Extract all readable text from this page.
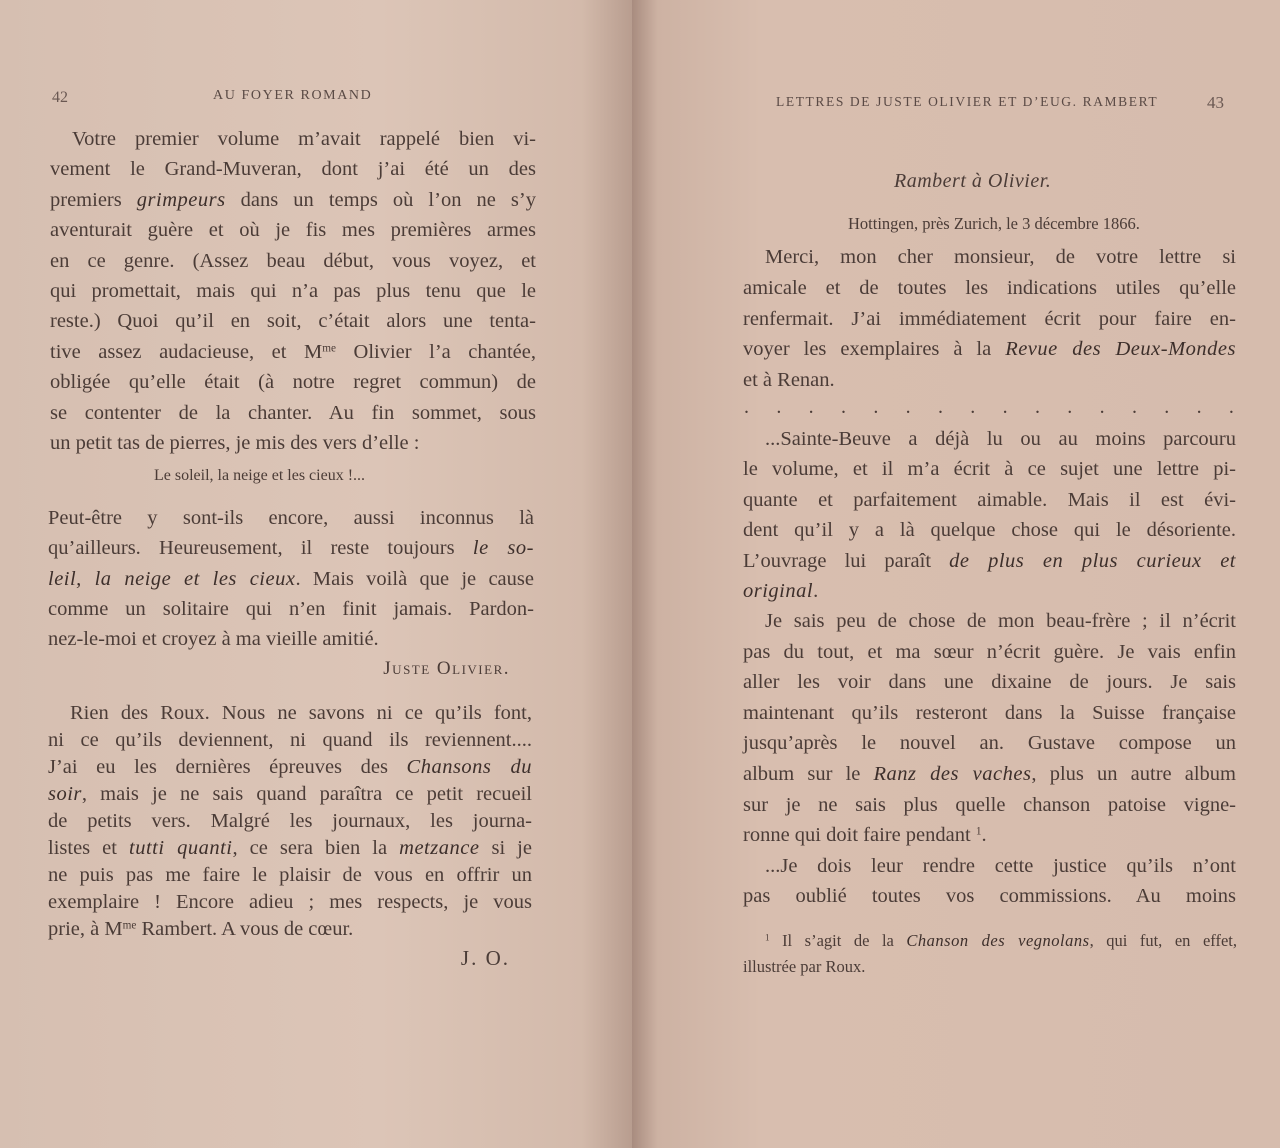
42	AU FOYER ROMAND
Votre premier volume m’avait rappelé bien vi-
vement le Grand-Muveran, dont j’ai été un des
premiers grimpeurs dans un temps où l’on ne s’y
aventurait guère et où je fis mes premières armes
en ce genre. (Assez beau début, vous voyez, et
qui promettait, mais qui n’a pas plus tenu que le
reste.) Quoi qu’il en soit, c’était alors une tenta-
tive assez audacieuse, et $M^{me}$ Olivier l’a chantée,
obligée qu’elle était (à notre regret commun) de
se contenter de la chanter. Au fin sommet, sous
un petit tas de pierres, je mis des vers d’elle :
Le soleil, la neige et les cieux !...
Peut-être y sont-ils encore, aussi inconnus là
qu’ailleurs. Heureusement, il reste toujours le so-
leil, la neige et les cieux. Mais voilà que je cause
comme un solitaire qui n’en finit jamais. Pardon-
nez-le-moi et croyez à ma vieille amitié.
Juste Olivier.
Rien des Roux. Nous ne savons ni ce qu’ils font,
ni ce qu’ils deviennent, ni quand ils reviennent....
J’ai eu les dernières épreuves des Chansons du
soir, mais je ne sais quand paraîtra ce petit recueil
de petits vers. Malgré les journaux, les journa-
listes et tutti quanti, ce sera bien la metzance si je
ne puis pas me faire le plaisir de vous en offrir un
exemplaire ! Encore adieu ; mes respects, je vous
prie, à $M^{me}$ Rambert. A vous de cœur.
J. O.
LETTRES DE JUSTE OLIVIER ET D’EUG. RAMBERT	43
Rambert à Olivier.
Hottingen, près Zurich, le 3 décembre 1866.
Merci, mon cher monsieur, de votre lettre si
amicale et de toutes les indications utiles qu’elle
renfermait. J’ai immédiatement écrit pour faire en-
voyer les exemplaires à la Revue des Deux-Mondes
et à Renan.
. . . . . . . . . . . . . . . .
...Sainte-Beuve a déjà lu ou au moins parcouru
le volume, et il m’a écrit à ce sujet une lettre pi-
quante et parfaitement aimable. Mais il est évi-
dent qu’il y a là quelque chose qui le désoriente.
L’ouvrage lui paraît de plus en plus curieux et
original.
Je sais peu de chose de mon beau-frère ; il n’écrit
pas du tout, et ma sœur n’écrit guère. Je vais enfin
aller les voir dans une dixaine de jours. Je sais
maintenant qu’ils resteront dans la Suisse française
jusqu’après le nouvel an. Gustave compose un
album sur le Ranz des vaches, plus un autre album
sur je ne sais plus quelle chanson patoise vigne-
ronne qui doit faire pendant $^1$.
...Je dois leur rendre cette justice qu’ils n’ont
pas oublié toutes vos commissions. Au moins
$^1$ Il s’agit de la Chanson des vegnolans, qui fut, en effet,
illustrée par Roux.
